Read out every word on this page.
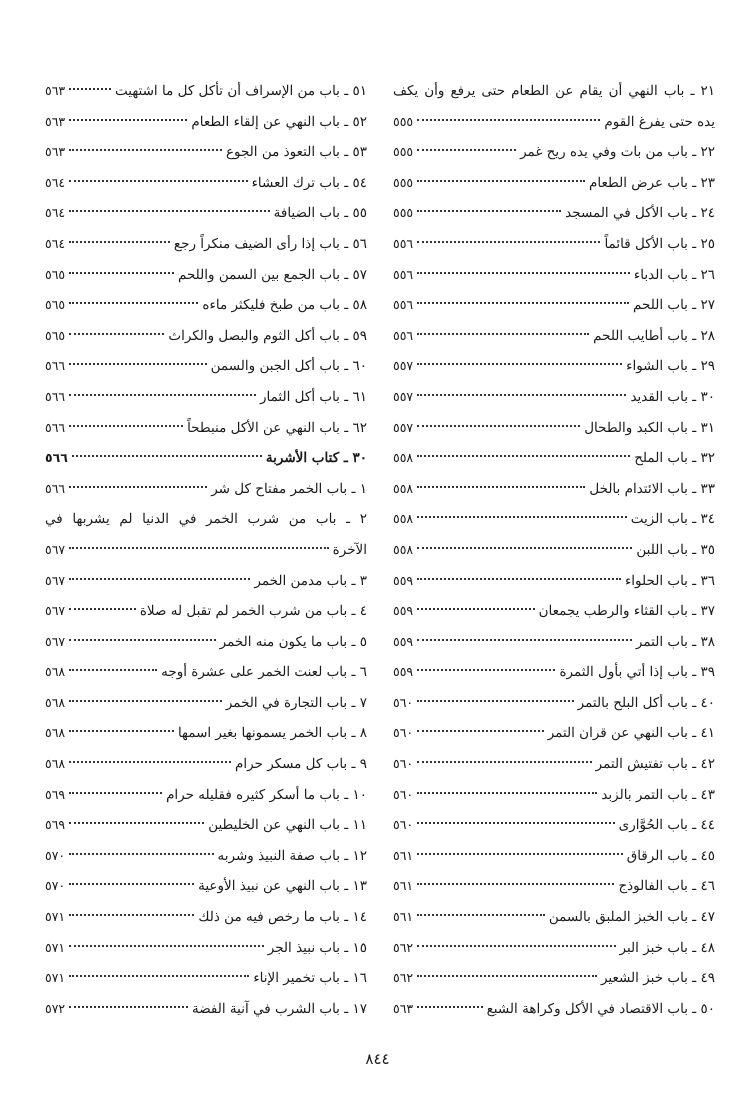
٢١ ـ باب النهي أن يقام عن الطعام حتى يرفع وأن يكف
يده حتى يفرغ القوم
٥٥٥
٢٢ ـ باب من بات وفي يده ريح غمر
٥٥٥
٢٣ ـ باب عرض الطعام
٥٥٥
٢٤ ـ باب الأكل في المسجد
٥٥٥
٢٥ ـ باب الأكل قائماً
٥٥٦
٢٦ ـ باب الدباء
٥٥٦
٢٧ ـ باب اللحم
٥٥٦
٢٨ ـ باب أطايب اللحم
٥٥٦
٢٩ ـ باب الشواء
٥٥٧
٣٠ ـ باب القديد
٥٥٧
٣١ ـ باب الكبد والطحال
٥٥٧
٣٢ ـ باب الملح
٥٥٨
٣٣ ـ باب الائتدام بالخل
٥٥٨
٣٤ ـ باب الزيت
٥٥٨
٣٥ ـ باب اللبن
٥٥٨
٣٦ ـ باب الحلواء
٥٥٩
٣٧ ـ باب القثاء والرطب يجمعان
٥٥٩
٣٨ ـ باب التمر
٥٥٩
٣٩ ـ باب إذا أتي بأول الثمرة
٥٥٩
٤٠ ـ باب أكل البلح بالتمر
٥٦٠
٤١ ـ باب النهي عن قران التمر
٥٦٠
٤٢ ـ باب تفتيش التمر
٥٦٠
٤٣ ـ باب التمر بالزبد
٥٦٠
٤٤ ـ باب الحُوَّارى
٥٦٠
٤٥ ـ باب الرقاق
٥٦١
٤٦ ـ باب الفالوذج
٥٦١
٤٧ ـ باب الخبز الملبق بالسمن
٥٦١
٤٨ ـ باب خبز البر
٥٦٢
٤٩ ـ باب خبز الشعير
٥٦٢
٥٠ ـ باب الاقتصاد في الأكل وكراهة الشبع
٥٦٣
٥١ ـ باب من الإسراف أن تأكل كل ما اشتهيت
٥٦٣
٥٢ ـ باب النهي عن إلقاء الطعام
٥٦٣
٥٣ ـ باب التعوذ من الجوع
٥٦٣
٥٤ ـ باب ترك العشاء
٥٦٤
٥٥ ـ باب الضيافة
٥٦٤
٥٦ ـ باب إذا رأى الضيف منكراً رجع
٥٦٤
٥٧ ـ باب الجمع بين السمن واللحم
٥٦٥
٥٨ ـ باب من طبخ فليكثر ماءه
٥٦٥
٥٩ ـ باب أكل الثوم والبصل والكراث
٥٦٥
٦٠ ـ باب أكل الجبن والسمن
٥٦٦
٦١ ـ باب أكل الثمار
٥٦٦
٦٢ ـ باب النهي عن الأكل منبطحاً
٥٦٦
٣٠ ـ كتاب الأشربة
٥٦٦
١ ـ باب الخمر مفتاح كل شر
٥٦٦
٢ ـ باب من شرب الخمر في الدنيا لم يشربها في
الآخرة
٥٦٧
٣ ـ باب مدمن الخمر
٥٦٧
٤ ـ باب من شرب الخمر لم تقبل له صلاة
٥٦٧
٥ ـ باب ما يكون منه الخمر
٥٦٧
٦ ـ باب لعنت الخمر على عشرة أوجه
٥٦٨
٧ ـ باب التجارة في الخمر
٥٦٨
٨ ـ باب الخمر يسمونها بغير اسمها
٥٦٨
٩ ـ باب كل مسكر حرام
٥٦٨
١٠ ـ باب ما أسكر كثيره فقليله حرام
٥٦٩
١١ ـ باب النهي عن الخليطين
٥٦٩
١٢ ـ باب صفة النبيذ وشربه
٥٧٠
١٣ ـ باب النهي عن نبيذ الأوعية
٥٧٠
١٤ ـ باب ما رخص فيه من ذلك
٥٧١
١٥ ـ باب نبيذ الجر
٥٧١
١٦ ـ باب تخمير الإناء
٥٧١
١٧ ـ باب الشرب في آنية الفضة
٥٧٢
٨٤٤
